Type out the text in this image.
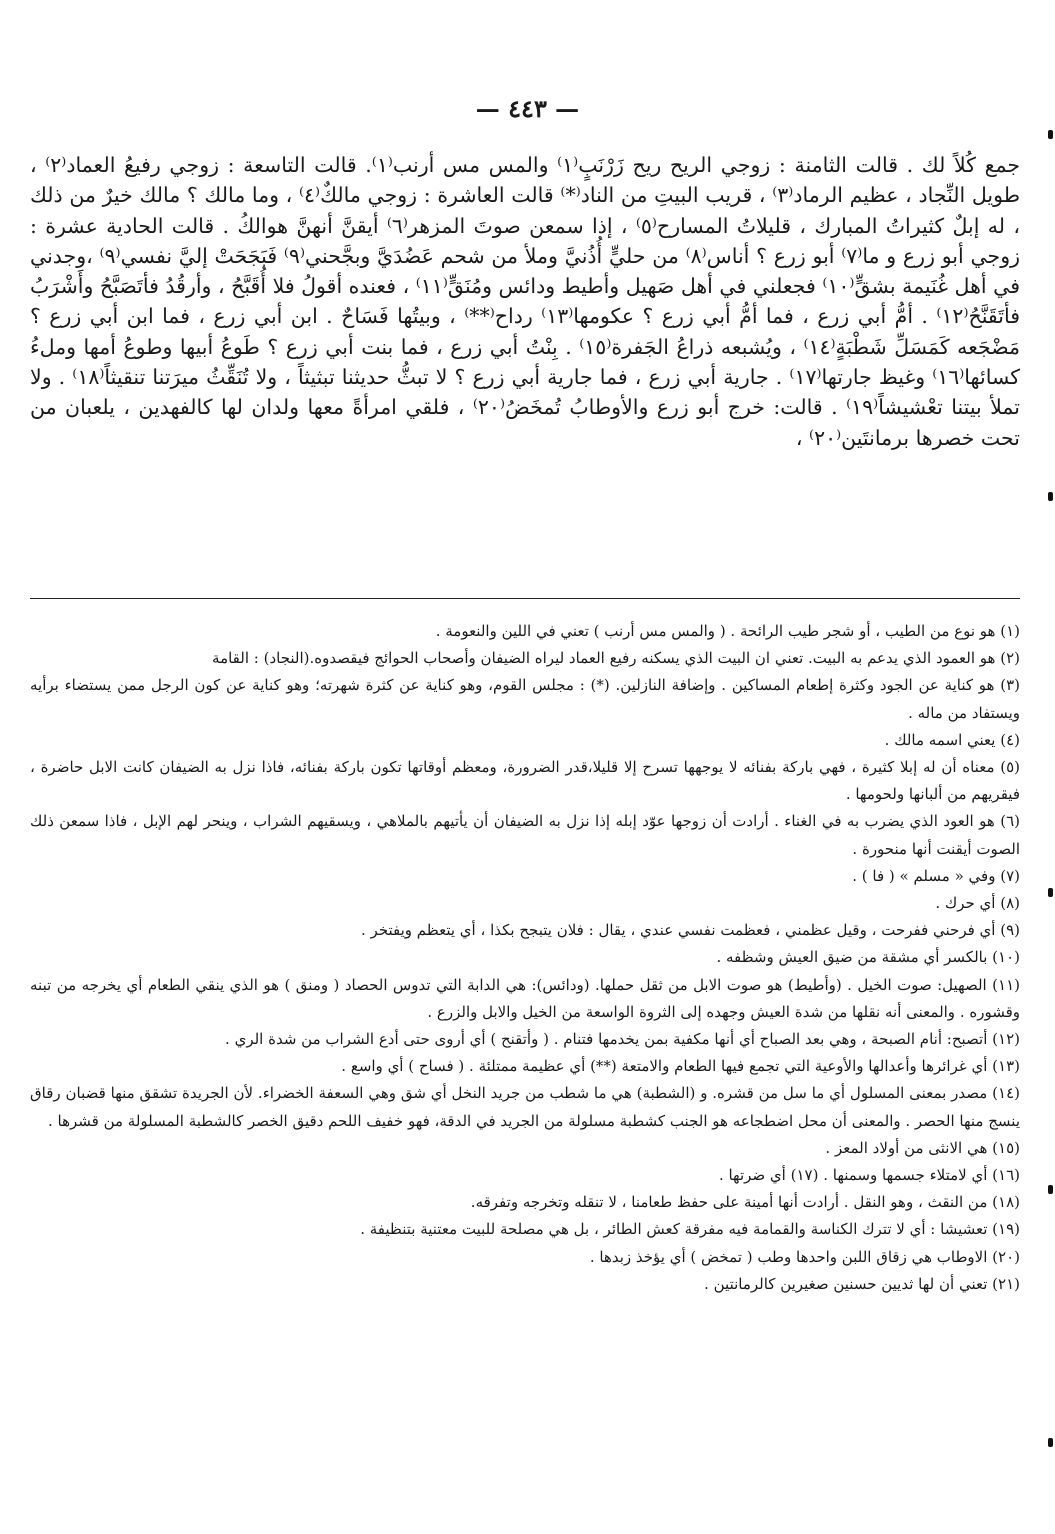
— ٤٤٣ —

جمع كُلاً لك . قالت الثامنة : زوجي الريح ريح زَرْنَبٍ⁽١⁾ والمس مس أرنب⁽١⁾. قالت التاسعة : زوجي رفيعُ العماد⁽٢⁾ ، طويل النِّجاد ، عظيم الرماد⁽٣⁾ ، قريب البيتِ من الناد⁽*⁾ قالت العاشرة : زوجي مالكٌ⁽٤⁾ ، وما مالك ؟ مالك خيرٌ من ذلك ، له إبلٌ كثيراتُ المبارك ، قليلاتُ المسارح⁽٥⁾ ، إذا سمعن صوتَ المزهر⁽٦⁾ أيقنَّ أنهنَّ هوالكُ . قالت الحادية عشرة : زوجي أبو زرع و ما⁽٧⁾ أبو زرع ؟ أناس⁽٨⁾ من حليٍّ أُذُنيَّ وملأ من شحم عَضُدَيَّ وبجَّحني⁽٩⁾ فَبَجَحَتْ إليَّ نفسي⁽٩⁾ ،وجدني في أهل غُنَيمة بشقٍّ⁽١٠⁾ فجعلني في أهل صَهيل وأطيط ودائس ومُنَقٍّ⁽١١⁾ ، فعنده أقولُ فلا أُقَبَّحُ ، وأرقُدُ فأتَصَبَّحُ وأَشْرَبُ فأتَقَنَّحُ⁽١٢⁾ . أمُّ أبي زرع ، فما أمُّ أبي زرع ؟ عكومها⁽١٣⁾ رداح⁽**⁾ ، وبيتُها فَسَاحٌ . ابن أبي زرع ، فما ابن أبي زرع ؟ مَضْجَعه كَمَسَلِّ شَطْبَةٍ⁽١٤⁾ ، ويُشبعه ذراعُ الجَفرة⁽١٥⁾ . بِنْتُ أبي زرع ، فما بنت أبي زرع ؟ طَوعُ أبيها وطوعُ أمها وملءُ كسائها⁽١٦⁾ وغيظ جارتها⁽١٧⁾ . جارية أبي زرع ، فما جارية أبي زرع ؟ لا تبثُّ حديثنا تبثيثاً ، ولا تُنَقِّثُ ميرَتنا تنقيثاً⁽١٨⁾ . ولا تملأ بيتنا تعْشيشاً⁽١٩⁾ . قالت: خرج أبو زرع والأوطابُ تُمخَضُ⁽٢٠⁾ ، فلقي امرأةً معها ولدان لها كالفهدين ، يلعبان من تحت خصرها برمانتَين⁽٢٠⁾ ،

(١) هو نوع من الطيب ، أو شجر طيب الرائحة . ( والمس مس أرنب ) تعني في اللين والنعومة .

(٢) هو العمود الذي يدعم به البيت. تعني ان البيت الذي يسكنه رفيع العماد ليراه الضيفان وأصحاب الحوائج فيقصدوه.(النجاد) : القامة

(٣) هو كناية عن الجود وكثرة إطعام المساكين . وإضافة النازلين. (*) : مجلس القوم، وهو كناية عن كثرة شهرته؛ وهو كناية عن كون الرجل ممن يستضاء برأيه ويستفاد من ماله .

(٤) يعني اسمه مالك .

(٥) معناه أن له إبلا كثيرة ، فهي باركة بفنائه لا يوجهها تسرح إلا قليلا،قدر الضرورة، ومعظم أوقاتها تكون باركة بفنائه، فاذا نزل به الضيفان كانت الابل حاضرة ، فيقريهم من ألبانها ولحومها .

(٦) هو العود الذي يضرب به في الغناء . أرادت أن زوجها عوّد إبله إذا نزل به الضيفان أن يأتيهم بالملاهي ، ويسقيهم الشراب ، وينحر لهم الإبل ، فاذا سمعن ذلك الصوت أيقنت أنها منحورة .

(٧) وفي « مسلم » ( فا ) .

(٨) أي حرك .

(٩) أي فرحني ففرحت ، وقيل عظمني ، فعظمت نفسي عندي ، يقال : فلان يتبجح بكذا ، أي يتعظم ويفتخر .

(١٠) بالكسر أي مشقة من ضيق العيش وشظفه .

(١١) الصهيل: صوت الخيل . (وأطيط) هو صوت الابل من ثقل حملها. (ودائس): هي الدابة التي تدوس الحصاد ( ومنق ) هو الذي ينقي الطعام أي يخرجه من تبنه وقشوره . والمعنى أنه نقلها من شدة العيش وجهده إلى الثروة الواسعة من الخيل والابل والزرع .

(١٢) أتصبح: أنام الصبحة ، وهي بعد الصباح أي أنها مكفية بمن يخدمها فتنام . ( وأتقنح ) أي أروى حتى أدع الشراب من شدة الري .

(١٣) أي غرائرها وأعدالها والأوعية التي تجمع فيها الطعام والامتعة (**) أي عظيمة ممتلئة . ( فساح ) أي واسع .

(١٤) مصدر بمعنى المسلول أي ما سل من قشره. و (الشطبة) هي ما شطب من جريد النخل أي شق وهي السعفة الخضراء. لأن الجريدة تشقق منها قضبان رقاق ينسج منها الحصر . والمعنى أن محل اضطجاعه هو الجنب كشطبة مسلولة من الجريد في الدقة، فهو خفيف اللحم دقيق الخصر كالشطبة المسلولة من قشرها .

(١٥) هي الانثى من أولاد المعز .

(١٦) أي لامتلاء جسمها وسمنها . (١٧) أي ضرتها .

(١٨) من النقث ، وهو النقل . أرادت أنها أمينة على حفظ طعامنا ، لا تنقله وتخرجه وتفرقه.

(١٩) تعشيشا : أي لا تترك الكناسة والقمامة فيه مفرقة كعش الطائر ، بل هي مصلحة للبيت معتنية بتنظيفة .

(٢٠) الاوطاب هي زقاق اللبن واحدها وطب ( تمخض ) أي يؤخذ زبدها .

(٢١) تعني أن لها ثديين حسنين صغيرين كالرمانتين .
